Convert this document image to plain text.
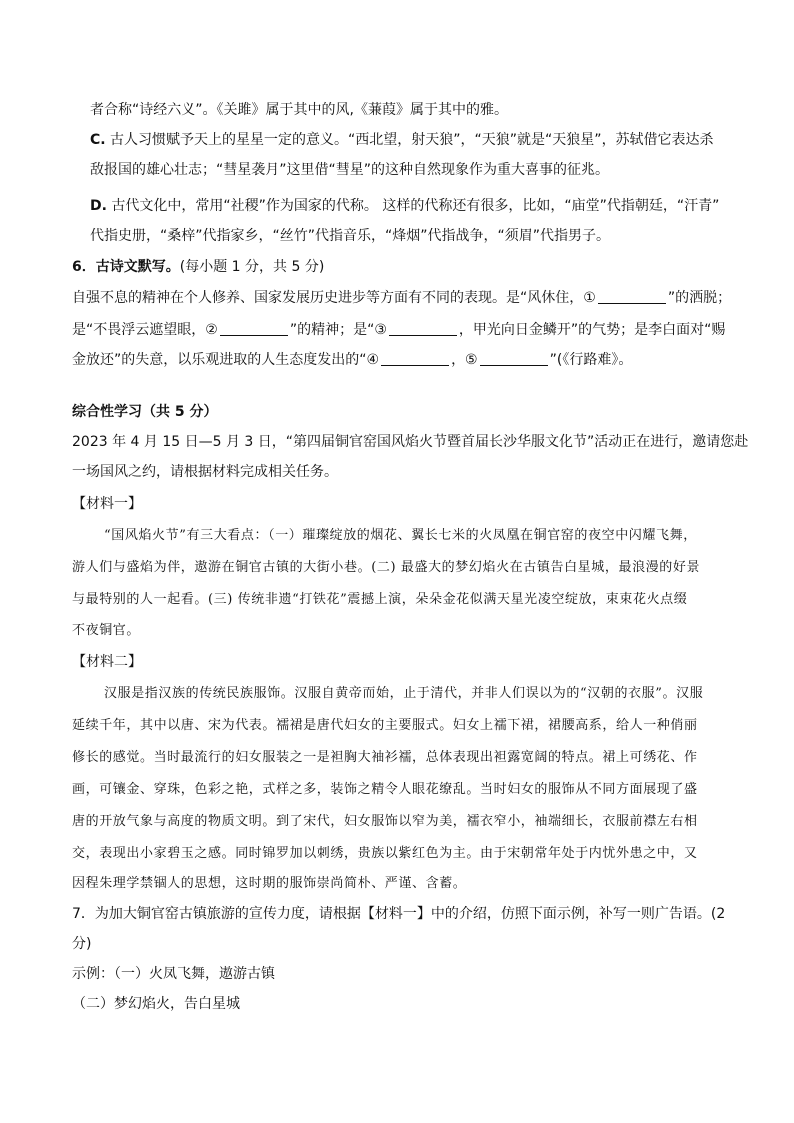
者合称“诗经六义”。《关雎》属于其中的风,《蒹葭》属于其中的雅。
C. 古人习惯赋予天上的星星一定的意义。“西北望，射天狼”，“天狼”就是“天狼星”，苏轼借它表达杀
敌报国的雄心壮志；“彗星袭月”这里借“彗星”的这种自然现象作为重大喜事的征兆。
D. 古代文化中，常用“社稷”作为国家的代称。 这样的代称还有很多，比如，“庙堂”代指朝廷，“汗青”
代指史册，“桑梓”代指家乡，“丝竹”代指音乐，“烽烟”代指战争，“须眉”代指男子。
6．古诗文默写。(每小题 1 分，共 5 分)
自强不息的精神在个人修养、国家发展历史进步等方面有不同的表现。是“风休住，①	”的洒脱；
是“不畏浮云遮望眼，②	”的精神；是“③	，甲光向日金鳞开”的气势；是李白面对“赐
金放还”的失意，以乐观进取的人生态度发出的“④	，⑤	”(《行路难》。
综合性学习（共 5 分）
2023 年 4 月 15 日—5 月 3 日，“第四届铜官窑国风焰火节暨首届长沙华服文化节”活动正在进行，邀请您赴
一场国风之约，请根据材料完成相关任务。
【材料一】
“国风焰火节”有三大看点：（一）璀璨绽放的烟花、翼长七米的火凤凰在铜官窑的夜空中闪耀飞舞，
游人们与盛焰为伴，遨游在铜官古镇的大街小巷。(二) 最盛大的梦幻焰火在古镇告白星城，最浪漫的好景
与最特别的人一起看。(三) 传统非遗“打铁花”震撼上演，朵朵金花似满天星光凌空绽放，束束花火点缀
不夜铜官。
【材料二】
汉服是指汉族的传统民族服饰。汉服自黄帝而始，止于清代，并非人们误以为的“汉朝的衣服”。汉服
延续千年，其中以唐、宋为代表。襦裙是唐代妇女的主要服式。妇女上襦下裙，裙腰高系，给人一种俏丽
修长的感觉。当时最流行的妇女服装之一是袒胸大袖衫襦，总体表现出袒露宽阔的特点。裙上可绣花、作
画，可镶金、穿珠，色彩之艳，式样之多，装饰之精令人眼花缭乱。当时妇女的服饰从不同方面展现了盛
唐的开放气象与高度的物质文明。到了宋代，妇女服饰以窄为美，襦衣窄小，袖端细长，衣服前襟左右相
交，表现出小家碧玉之感。同时锦罗加以刺绣，贵族以紫红色为主。由于宋朝常年处于内忧外患之中，又
因程朱理学禁锢人的思想，这时期的服饰崇尚简朴、严谨、含蓄。
7．为加大铜官窑古镇旅游的宣传力度，请根据【材料一】中的介绍，仿照下面示例，补写一则广告语。(2
分)
示例：（一）火凤飞舞，遨游古镇
（二）梦幻焰火，告白星城
